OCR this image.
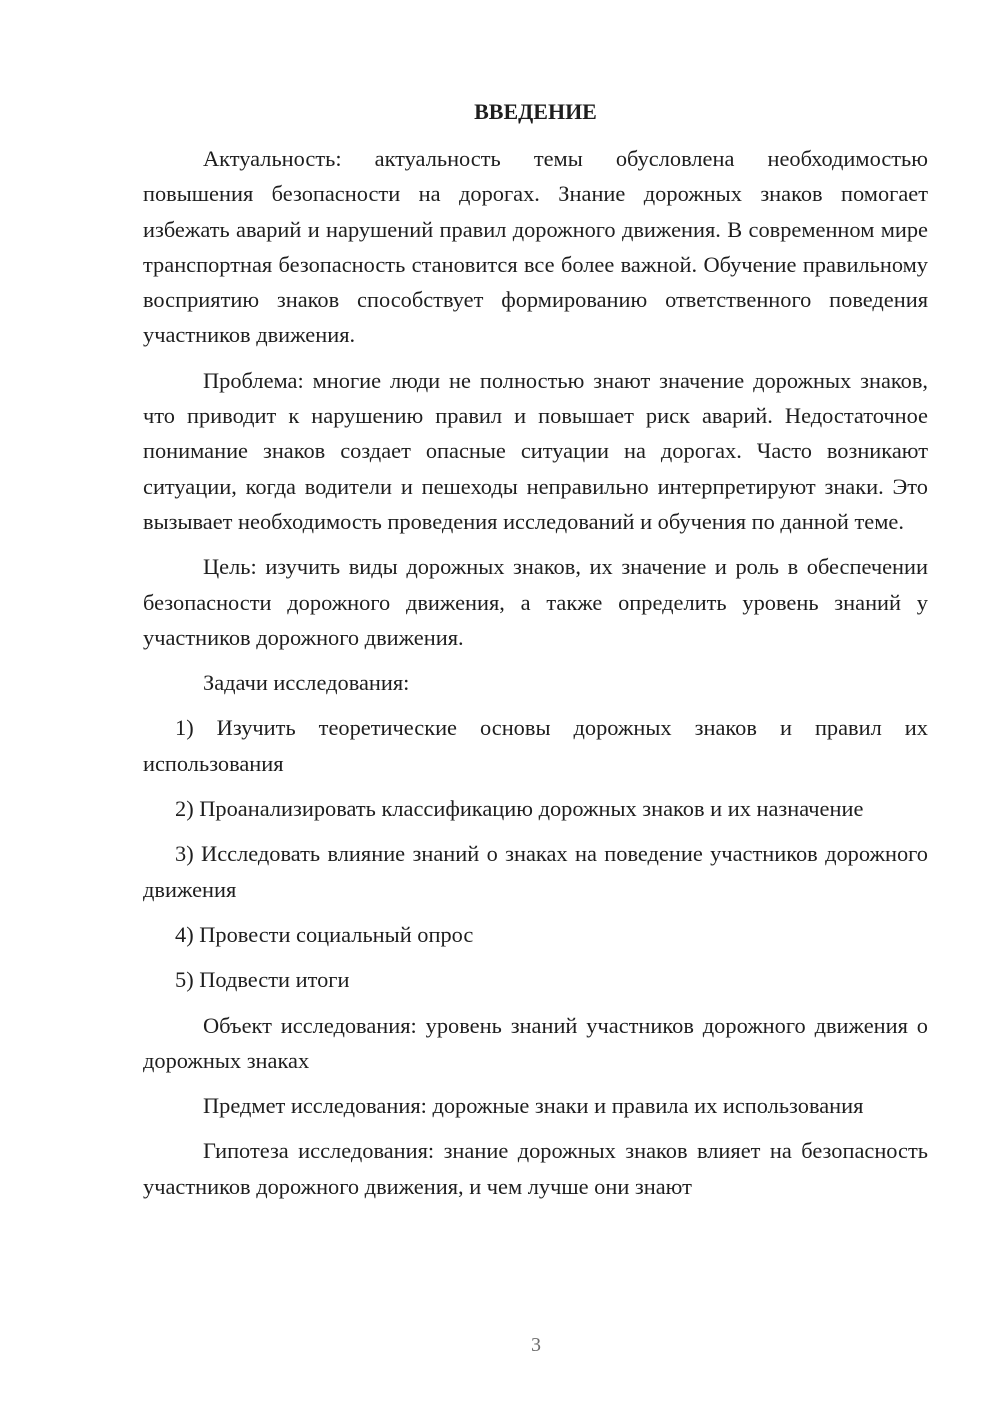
ВВЕДЕНИЕ

Актуальность: актуальность темы обусловлена необходимостью повышения безопасности на дорогах. Знание дорожных знаков помогает избежать аварий и нарушений правил дорожного движения. В современном мире транспортная безопасность становится все более важной. Обучение правильному восприятию знаков способствует формированию ответственного поведения участников движения.

Проблема: многие люди не полностью знают значение дорожных знаков, что приводит к нарушению правил и повышает риск аварий. Недостаточное понимание знаков создает опасные ситуации на дорогах. Часто возникают ситуации, когда водители и пешеходы неправильно интерпретируют знаки. Это вызывает необходимость проведения исследований и обучения по данной теме.

Цель: изучить виды дорожных знаков, их значение и роль в обеспечении безопасности дорожного движения, а также определить уровень знаний у участников дорожного движения.

Задачи исследования:

1) Изучить теоретические основы дорожных знаков и правил их использования

2) Проанализировать классификацию дорожных знаков и их назначение

3) Исследовать влияние знаний о знаках на поведение участников дорожного движения

4) Провести социальный опрос

5) Подвести итоги

Объект исследования: уровень знаний участников дорожного движения о дорожных знаках

Предмет исследования: дорожные знаки и правила их использования

Гипотеза исследования: знание дорожных знаков влияет на безопасность участников дорожного движения, и чем лучше они знают

3
